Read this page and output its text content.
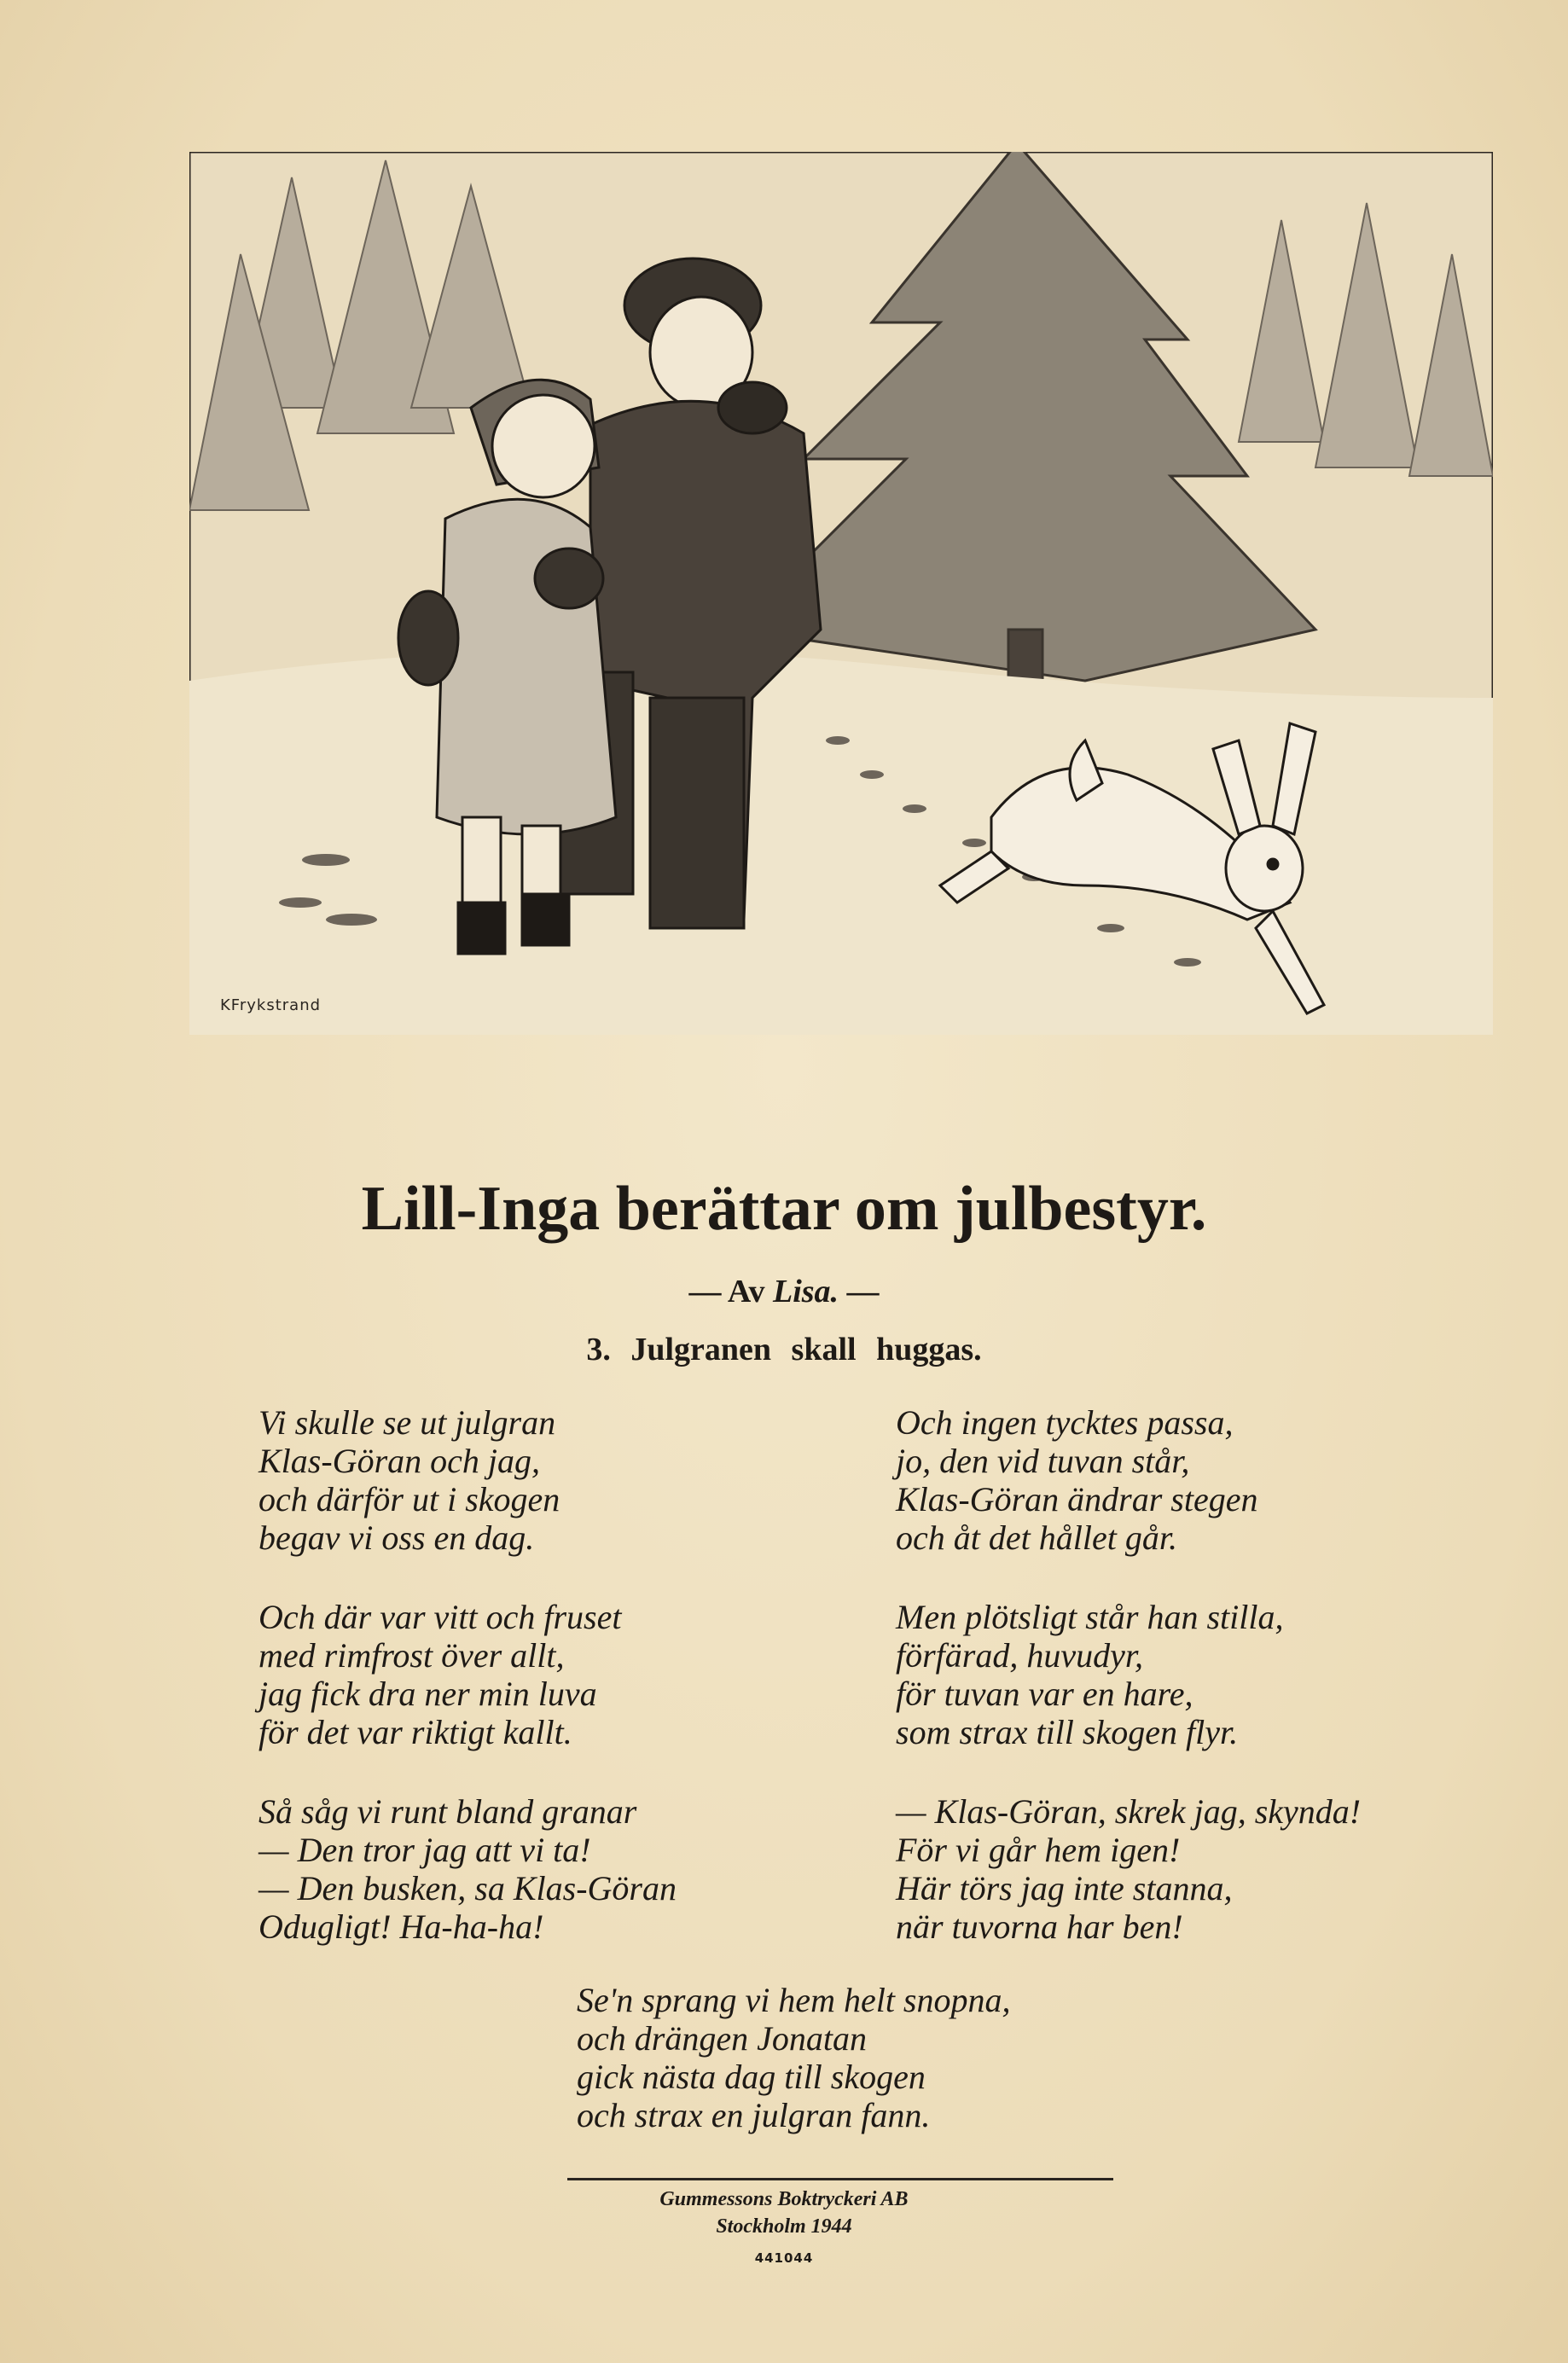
KFrykstrand
Lill-Inga berättar om julbestyr.
— Av Lisa. —
3. Julgranen skall huggas.
Vi skulle se ut julgran
Klas-Göran och jag,
och därför ut i skogen
begav vi oss en dag.
Och där var vitt och fruset
med rimfrost över allt,
jag fick dra ner min luva
för det var riktigt kallt.
Så såg vi runt bland granar
— Den tror jag att vi ta!
— Den busken, sa Klas-Göran
Odugligt! Ha-ha-ha!
Och ingen tycktes passa,
jo, den vid tuvan står,
Klas-Göran ändrar stegen
och åt det hållet går.
Men plötsligt står han stilla,
förfärad, huvudyr,
för tuvan var en hare,
som strax till skogen flyr.
— Klas-Göran, skrek jag, skynda!
För vi går hem igen!
Här törs jag inte stanna,
när tuvorna har ben!
Se'n sprang vi hem helt snopna,
och drängen Jonatan
gick nästa dag till skogen
och strax en julgran fann.
Gummessons Boktryckeri AB
Stockholm 1944
441044
